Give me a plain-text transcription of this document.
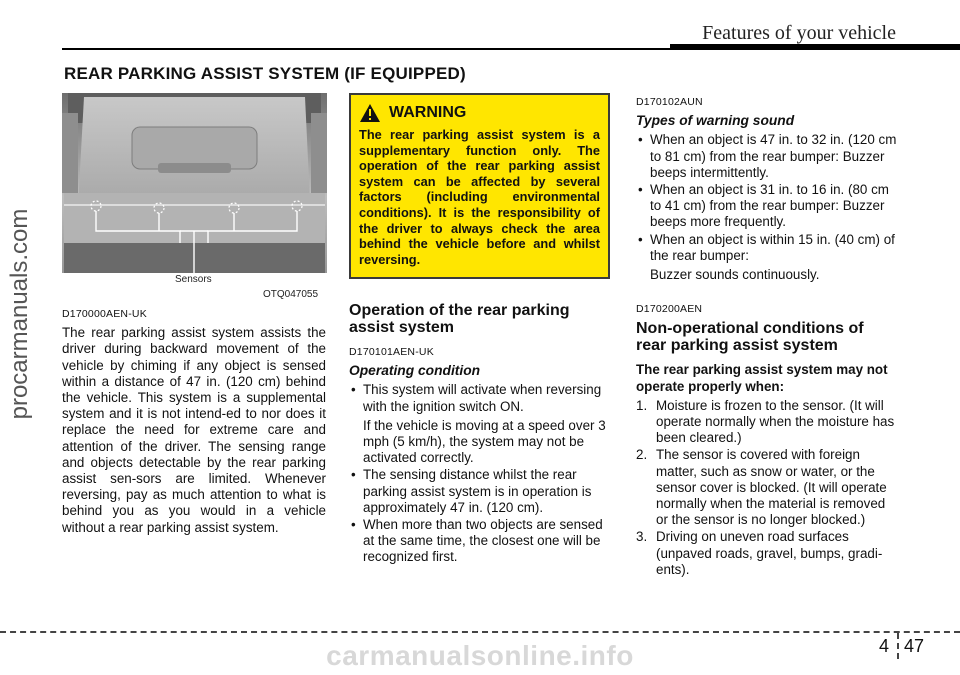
Features of your vehicle
REAR PARKING ASSIST SYSTEM (IF EQUIPPED)
procarmanuals.com	Sensors
OTQ047055

D170000AEN-UK

The rear parking assist system assists the driver during backward movement of the vehicle by chiming if any object is sensed within a distance of 47 in. (120 cm) behind the vehicle. This system is a supplemental system and it is not intend-ed to nor does it replace the need for extreme care and attention of the driver. The sensing range and objects detectable by the rear parking assist sen-sors are limited. Whenever reversing, pay as much attention to what is behind you as you would in a vehicle without a rear parking assist system.

WARNING

The rear parking assist system is a supplementary function only. The operation of the rear parking assist system can be affected by several factors (including environmental conditions). It is the responsibility of the driver to always check the area behind the vehicle before and whilst reversing.

Operation of the rear parking assist system

D170101AEN-UK

Operating condition

• This system will activate when reversing with the ignition switch ON.
If the vehicle is moving at a speed over 3 mph (5 km/h), the system may not be activated correctly.
• The sensing distance whilst the rear parking assist system is in operation is approximately 47 in. (120 cm).
• When more than two objects are sensed at the same time, the closest one will be recognized first.

D170102AUN

Types of warning sound

• When an object is 47 in. to 32 in. (120 cm to 81 cm) from the rear bumper: Buzzer beeps intermittently.
• When an object is 31 in. to 16 in. (80 cm to 41 cm) from the rear bumper: Buzzer beeps more frequently.
• When an object is within 15 in. (40 cm) of the rear bumper:
Buzzer sounds continuously.

D170200AEN

Non-operational conditions of rear parking assist system

The rear parking assist system may not operate properly when:

1. Moisture is frozen to the sensor. (It will operate normally when the moisture has been cleared.)
2. The sensor is covered with foreign matter, such as snow or water, or the sensor cover is blocked. (It will operate normally when the material is removed or the sensor is no longer blocked.)
3. Driving on uneven road surfaces (unpaved roads, gravel, bumps, gradi-ents).
4 47
carmanualsonline.info
